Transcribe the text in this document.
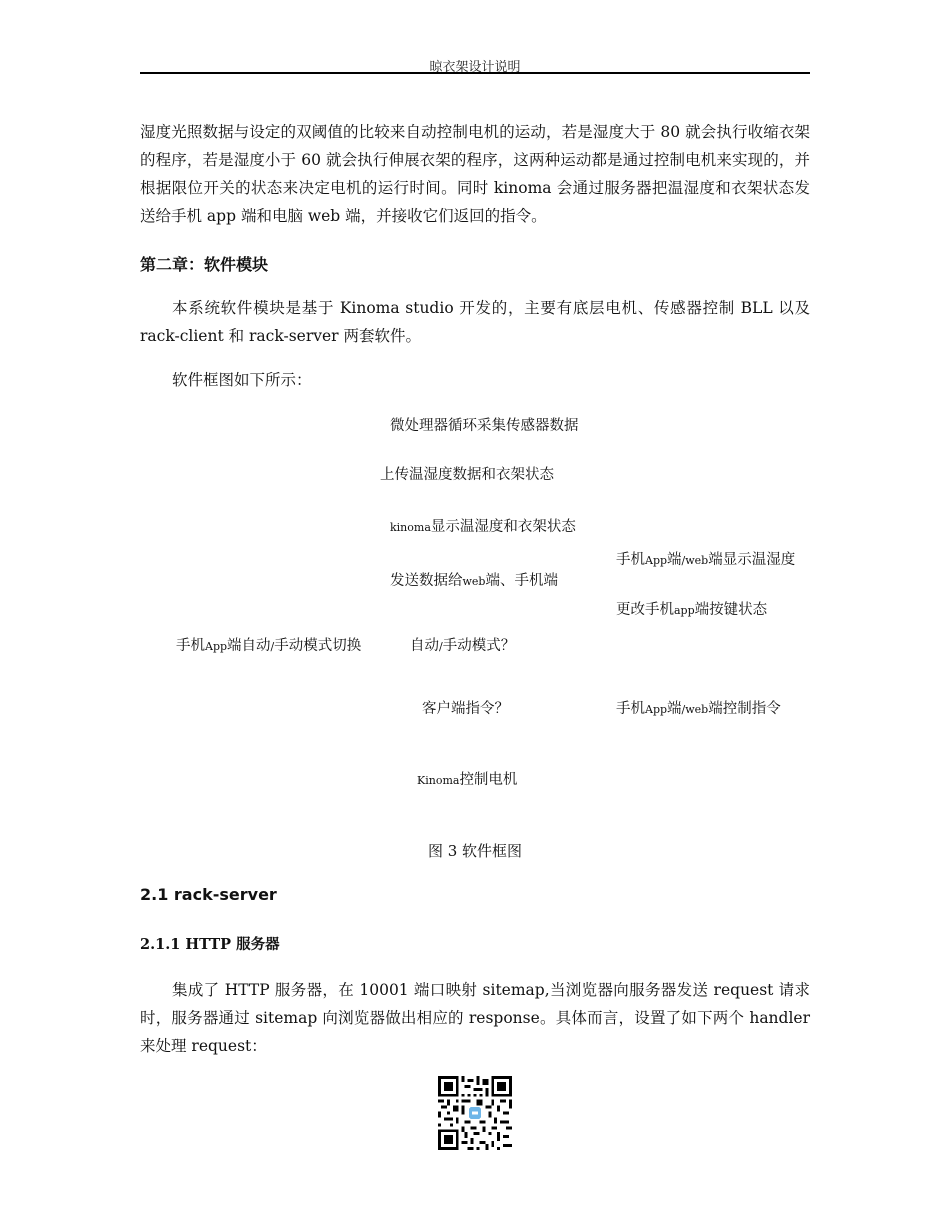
晾衣架设计说明

湿度光照数据与设定的双阈值的比较来自动控制电机的运动，若是湿度大于 80 就会执行收缩衣架的程序，若是湿度小于 60 就会执行伸展衣架的程序，这两种运动都是通过控制电机来实现的，并根据限位开关的状态来决定电机的运行时间。同时 kinoma 会通过服务器把温湿度和衣架状态发送给手机 app 端和电脑 web 端，并接收它们返回的指令。

第二章：软件模块

本系统软件模块是基于 Kinoma studio 开发的，主要有底层电机、传感器控制 BLL 以及 rack-client 和 rack-server 两套软件。

软件框图如下所示：

微处理器循环采集传感器数据
上传温湿度数据和衣架状态
kinoma显示温湿度和衣架状态
发送数据给web端、手机端
手机App端/web端显示温湿度
更改手机app端按键状态
手机App端自动/手动模式切换	自动/手动模式？
客户端指令？	手机App端/web端控制指令
Kinoma控制电机
图 3 软件框图
2.1 rack-server
2.1.1 HTTP 服务器

集成了 HTTP 服务器，在 10001 端口映射 sitemap,当浏览器向服务器发送 request 请求时，服务器通过 sitemap 向浏览器做出相应的 response。具体而言，设置了如下两个 handler 来处理 request：
